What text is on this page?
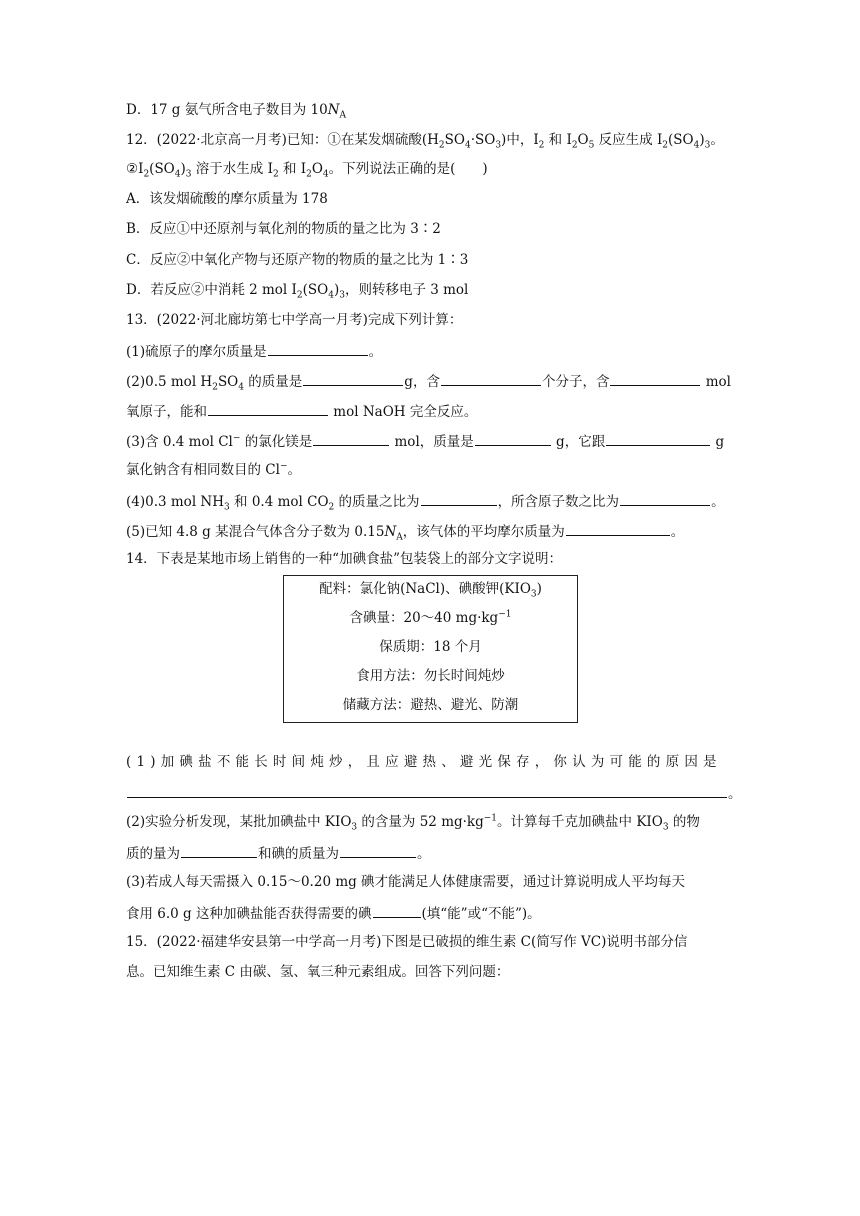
D．17 g 氨气所含电子数目为 $10N_A$
12．(2022·北京高一月考)已知：①在某发烟硫酸$(H_2SO_4\cdot SO_3)$中，$I_2$ 和 $I_2O_5$ 反应生成 $I_2(SO_4)_3$。
$②I_2(SO_4)_3$ 溶于水生成 $I_2$ 和 $I_2O_4$。下列说法正确的是(　　)
A．该发烟硫酸的摩尔质量为 178
B．反应①中还原剂与氧化剂的物质的量之比为 3∶2
C．反应②中氧化产物与还原产物的物质的量之比为 1∶3
D．若反应②中消耗 2 mol $I_2(SO_4)_3$，则转移电子 3 mol
13．(2022·河北廊坊第七中学高一月考)完成下列计算：
(1)硫原子的摩尔质量是	。
(2)0.5 mol $H_2SO_4$ 的质量是	g，含	个分子，含	mol
氧原子，能和	mol NaOH 完全反应。
(3)含 0.4 mol Cl− 的氯化镁是	mol，质量是	g，它跟	g
氯化钠含有相同数目的 Cl−。
(4)0.3 mol $NH_3$ 和 0.4 mol $CO_2$ 的质量之比为	，所含原子数之比为	。
(5)已知 4.8 g 某混合气体含分子数为 $0.15N_A$，该气体的平均摩尔质量为	。
14．下表是某地市场上销售的一种“加碘食盐”包装袋上的部分文字说明：
配料：氯化钠(NaCl)、碘酸钾$(KIO_3)$
含碘量：20～40 $mg\cdot kg^{-1}$
保质期：18 个月
食用方法：勿长时间炖炒
储藏方法：避热、避光、防潮
(1)加碘盐不能长时间炖炒，且应避热、避光保存，你认为可能的原因是
。
(2)实验分析发现，某批加碘盐中 $KIO_3$ 的含量为 52 $mg\cdot kg^{-1}$。计算每千克加碘盐中 $KIO_3$ 的物
质的量为	和碘的质量为	。
(3)若成人每天需摄入 0.15～0.20 mg 碘才能满足人体健康需要，通过计算说明成人平均每天
食用 6.0 g 这种加碘盐能否获得需要的碘	(填“能”或“不能”)。
15．(2022·福建华安县第一中学高一月考)下图是已破损的维生素 C(简写作 VC)说明书部分信
息。已知维生素 C 由碳、氢、氧三种元素组成。回答下列问题：
